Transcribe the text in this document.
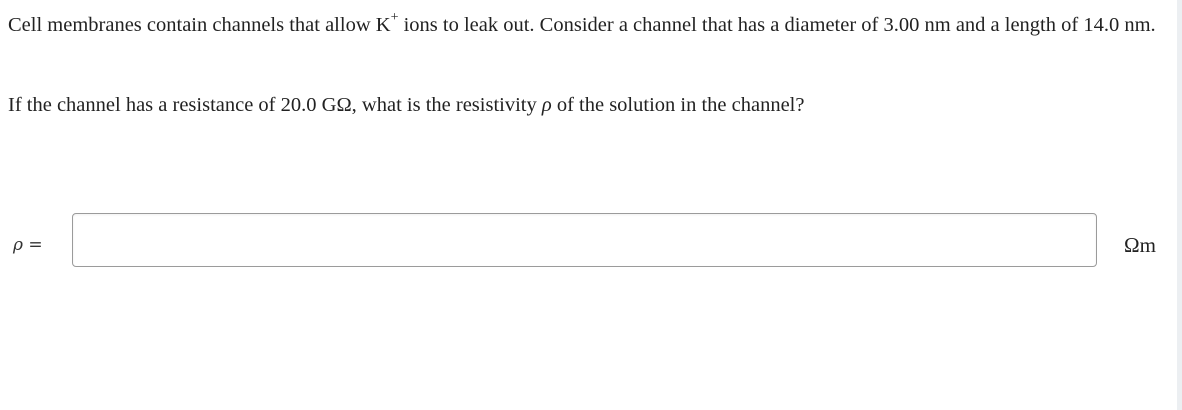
Cell membranes contain channels that allow K+ ions to leak out. Consider a channel that has a diameter of 3.00 nm and a length of 14.0 nm.

If the channel has a resistance of 20.0 GΩ, what is the resistivity ρ of the solution in the channel?

ρ =	Ωm
